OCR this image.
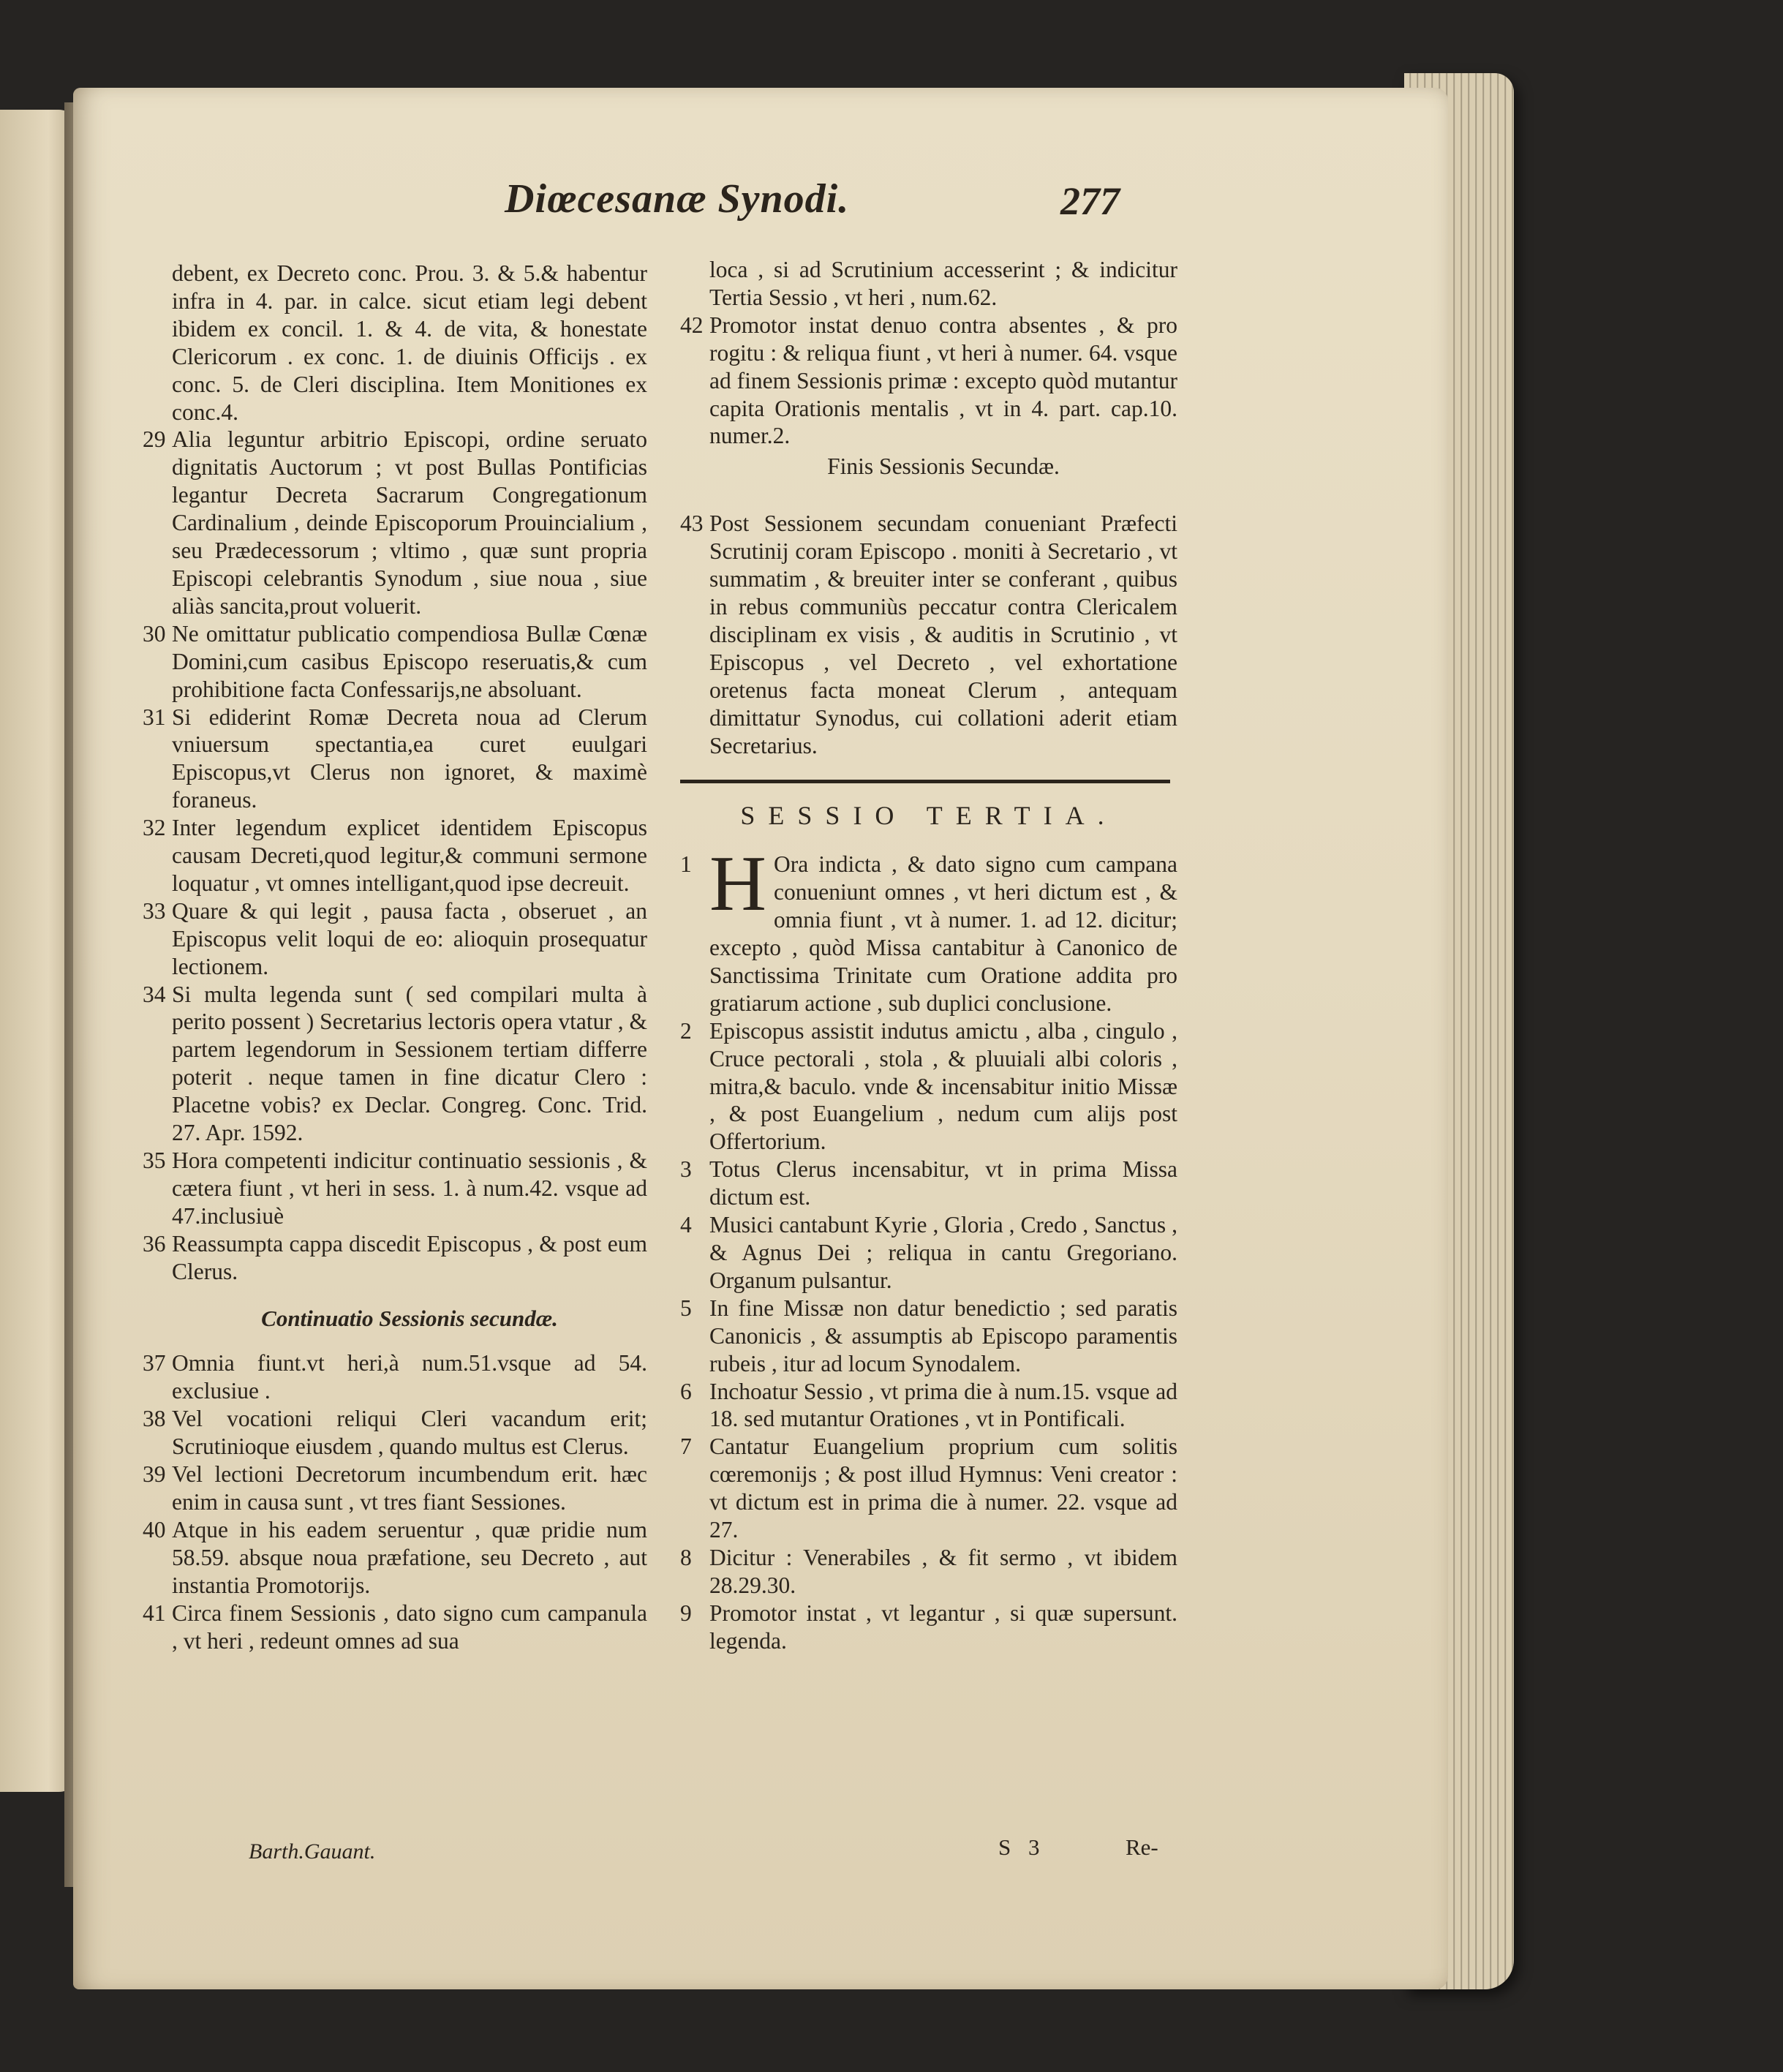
Diœcesanæ Synodi.	277
debent, ex Decreto conc. Prou. 3. & 5.& habentur infra in 4. par. in calce. sicut etiam legi debent ibidem ex concil. 1. & 4. de vita, & honestate Clericorum . ex conc. 1. de diuinis Officijs . ex conc. 5. de Cleri disciplina. Item Monitiones ex conc.4.
29 Alia leguntur arbitrio Episcopi, ordine seruato dignitatis Auctorum ; vt post Bullas Pontificias legantur Decreta Sacrarum Congregationum Cardinalium , deinde Episcoporum Prouincialium , seu Prædecessorum ; vltimo , quæ sunt propria Episcopi celebrantis Synodum , siue noua , siue aliàs sancita,prout voluerit.
30 Ne omittatur publicatio compendiosa Bullæ Cœnæ Domini,cum casibus Episcopo reseruatis,& cum prohibitione facta Confessarijs,ne absoluant.
31 Si ediderint Romæ Decreta noua ad Clerum vniuersum spectantia,ea curet euulgari Episcopus,vt Clerus non ignoret, & maximè foraneus.
32 Inter legendum explicet identidem Episcopus causam Decreti,quod legitur,& communi sermone loquatur , vt omnes intelligant,quod ipse decreuit.
33 Quare & qui legit , pausa facta , obseruet , an Episcopus velit loqui de eo: alioquin prosequatur lectionem.
34 Si multa legenda sunt ( sed compilari multa à perito possent ) Secretarius lectoris opera vtatur , & partem legendorum in Sessionem tertiam differre poterit . neque tamen in fine dicatur Clero : Placetne vobis? ex Declar. Congreg. Conc. Trid. 27. Apr. 1592.
35 Hora competenti indicitur continuatio sessionis , & cætera fiunt , vt heri in sess. 1. à num.42. vsque ad 47.inclusiuè
36 Reassumpta cappa discedit Episcopus , & post eum Clerus.
Continuatio Sessionis secundæ.
37 Omnia fiunt.vt heri,à num.51.vsque ad 54. exclusiue .
38 Vel vocationi reliqui Cleri vacandum erit; Scrutinioque eiusdem , quando multus est Clerus.
39 Vel lectioni Decretorum incumbendum erit. hæc enim in causa sunt , vt tres fiant Sessiones.
40 Atque in his eadem seruentur , quæ pridie num 58.59. absque noua præfatione, seu Decreto , aut instantia Promotorijs.
41 Circa finem Sessionis , dato signo cum campanula , vt heri , redeunt omnes ad sua
loca , si ad Scrutinium accesserint ; & indicitur Tertia Sessio , vt heri , num.62.
42 Promotor instat denuo contra absentes , & pro rogitu : & reliqua fiunt , vt heri à numer. 64. vsque ad finem Sessionis primæ : excepto quòd mutantur capita Orationis mentalis , vt in 4. part. cap.10. numer.2.
Finis Sessionis Secundæ.
43 Post Sessionem secundam conueniant Præfecti Scrutinij coram Episcopo . moniti à Secretario , vt summatim , & breuiter inter se conferant , quibus in rebus communiùs peccatur contra Clericalem disciplinam ex visis , & auditis in Scrutinio , vt Episcopus , vel Decreto , vel exhortatione oretenus facta moneat Clerum , antequam dimittatur Synodus, cui collationi aderit etiam Secretarius.
SESSIO TERTIA.
1 H Ora indicta , & dato signo cum campana conueniunt omnes , vt heri dictum est , & omnia fiunt , vt à numer. 1. ad 12. dicitur; excepto , quòd Missa cantabitur à Canonico de Sanctissima Trinitate cum Oratione addita pro gratiarum actione , sub duplici conclusione.
2 Episcopus assistit indutus amictu , alba , cingulo , Cruce pectorali , stola , & pluuiali albi coloris , mitra,& baculo. vnde & incensabitur initio Missæ , & post Euangelium , nedum cum alijs post Offertorium.
3 Totus Clerus incensabitur, vt in prima Missa dictum est.
4 Musici cantabunt Kyrie , Gloria , Credo , Sanctus , & Agnus Dei ; reliqua in cantu Gregoriano. Organum pulsantur.
5 In fine Missæ non datur benedictio ; sed paratis Canonicis , & assumptis ab Episcopo paramentis rubeis , itur ad locum Synodalem.
6 Inchoatur Sessio , vt prima die à num.15. vsque ad 18. sed mutantur Orationes , vt in Pontificali.
7 Cantatur Euangelium proprium cum solitis cœremonijs ; & post illud Hymnus: Veni creator : vt dictum est in prima die à numer. 22. vsque ad 27.
8 Dicitur : Venerabiles , & fit sermo , vt ibidem 28.29.30.
9 Promotor instat , vt legantur , si quæ supersunt. legenda.
Barth.Gauant.	S 3	Re-
